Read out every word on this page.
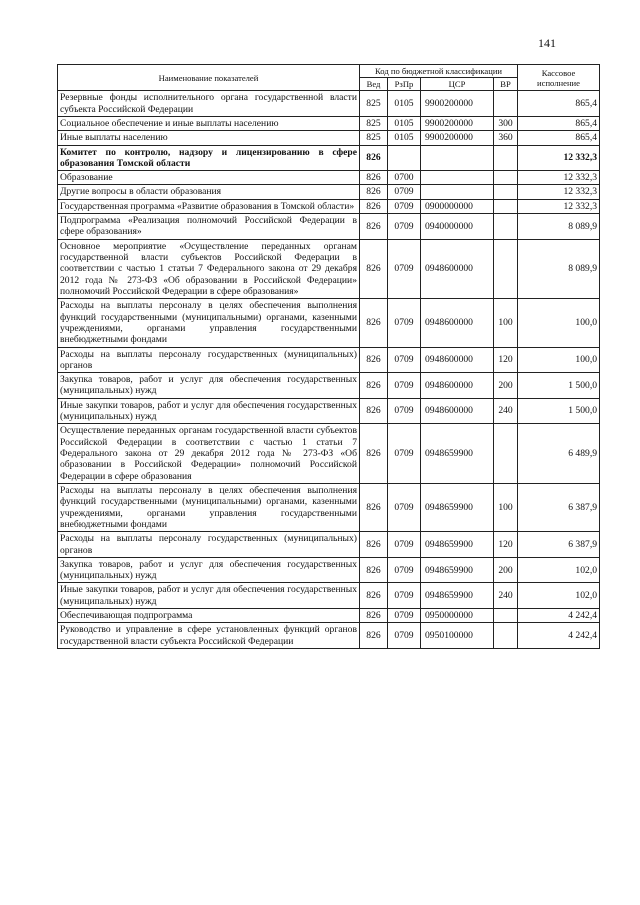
141
Наименование показателей	Код по бюджетной классификации				Кассовое исполнение
	Вед	РзПр	ЦСР	ВР	
Резервные фонды исполнительного органа государственной власти субъекта Российской Федерации	825	0105	9900200000		865,4
Социальное обеспечение и иные выплаты населению	825	0105	9900200000	300	865,4
Иные выплаты населению	825	0105	9900200000	360	865,4
Комитет по контролю, надзору и лицензированию в сфере образования Томской области	826				12 332,3
Образование	826	0700			12 332,3
Другие вопросы в области образования	826	0709			12 332,3
Государственная программа «Развитие образования в Томской области»	826	0709	0900000000		12 332,3
Подпрограмма «Реализация полномочий Российской Федерации в сфере образования»	826	0709	0940000000		8 089,9
Основное мероприятие «Осуществление переданных органам государственной власти субъектов Российской Федерации в соответствии с частью 1 статьи 7 Федерального закона от 29 декабря 2012 года № 273-ФЗ «Об образовании в Российской Федерации» полномочий Российской Федерации в сфере образования»	826	0709	0948600000		8 089,9
Расходы на выплаты персоналу в целях обеспечения выполнения функций государственными (муниципальными) органами, казенными учреждениями, органами управления государственными внебюджетными фондами	826	0709	0948600000	100	100,0
Расходы на выплаты персоналу государственных (муниципальных) органов	826	0709	0948600000	120	100,0
Закупка товаров, работ и услуг для обеспечения государственных (муниципальных) нужд	826	0709	0948600000	200	1 500,0
Иные закупки товаров, работ и услуг для обеспечения государственных (муниципальных) нужд	826	0709	0948600000	240	1 500,0
Осуществление переданных органам государственной власти субъектов Российской Федерации в соответствии с частью 1 статьи 7 Федерального закона от 29 декабря 2012 года № 273-ФЗ «Об образовании в Российской Федерации» полномочий Российской Федерации в сфере образования	826	0709	0948659900		6 489,9
Расходы на выплаты персоналу в целях обеспечения выполнения функций государственными (муниципальными) органами, казенными учреждениями, органами управления государственными внебюджетными фондами	826	0709	0948659900	100	6 387,9
Расходы на выплаты персоналу государственных (муниципальных) органов	826	0709	0948659900	120	6 387,9
Закупка товаров, работ и услуг для обеспечения государственных (муниципальных) нужд	826	0709	0948659900	200	102,0
Иные закупки товаров, работ и услуг для обеспечения государственных (муниципальных) нужд	826	0709	0948659900	240	102,0
Обеспечивающая подпрограмма	826	0709	0950000000		4 242,4
Руководство и управление в сфере установленных функций органов государственной власти субъекта Российской Федерации	826	0709	0950100000		4 242,4
